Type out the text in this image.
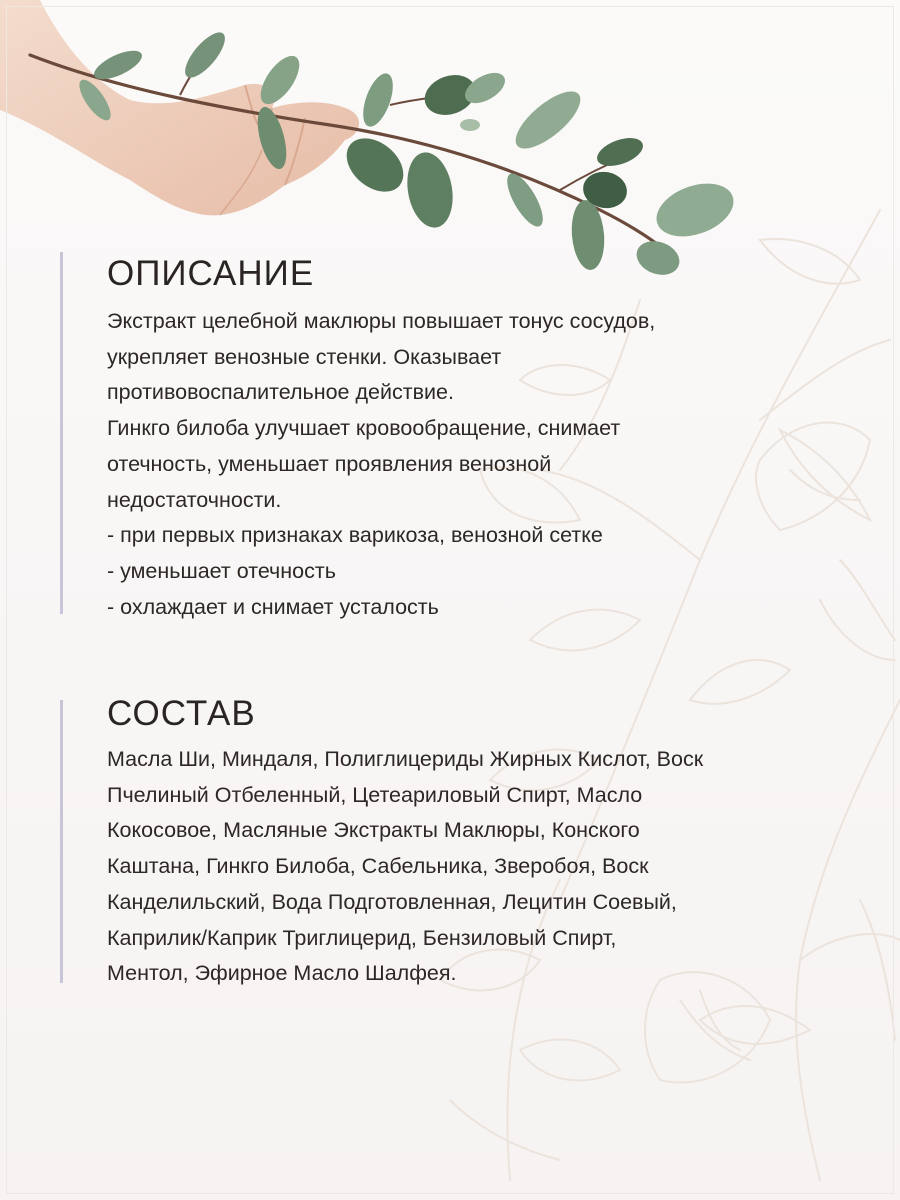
ОПИСАНИЕ
Экстракт целебной маклюры повышает тонус сосудов,
укрепляет венозные стенки. Оказывает
противовоспалительное действие.
Гинкго билоба улучшает кровообращение, снимает
отечность, уменьшает проявления венозной
недостаточности.
- при первых признаках варикоза, венозной сетке
- уменьшает отечность
- охлаждает и снимает усталость
СОСТАВ
Масла Ши, Миндаля, Полиглицериды Жирных Кислот, Воск
Пчелиный Отбеленный, Цетеариловый Спирт, Масло
Кокосовое, Масляные Экстракты Маклюры, Конского
Каштана, Гинкго Билоба, Сабельника, Зверобоя, Воск
Канделильский, Вода Подготовленная, Лецитин Соевый,
Каприлик/Каприк Триглицерид, Бензиловый Спирт,
Ментол, Эфирное Масло Шалфея.
